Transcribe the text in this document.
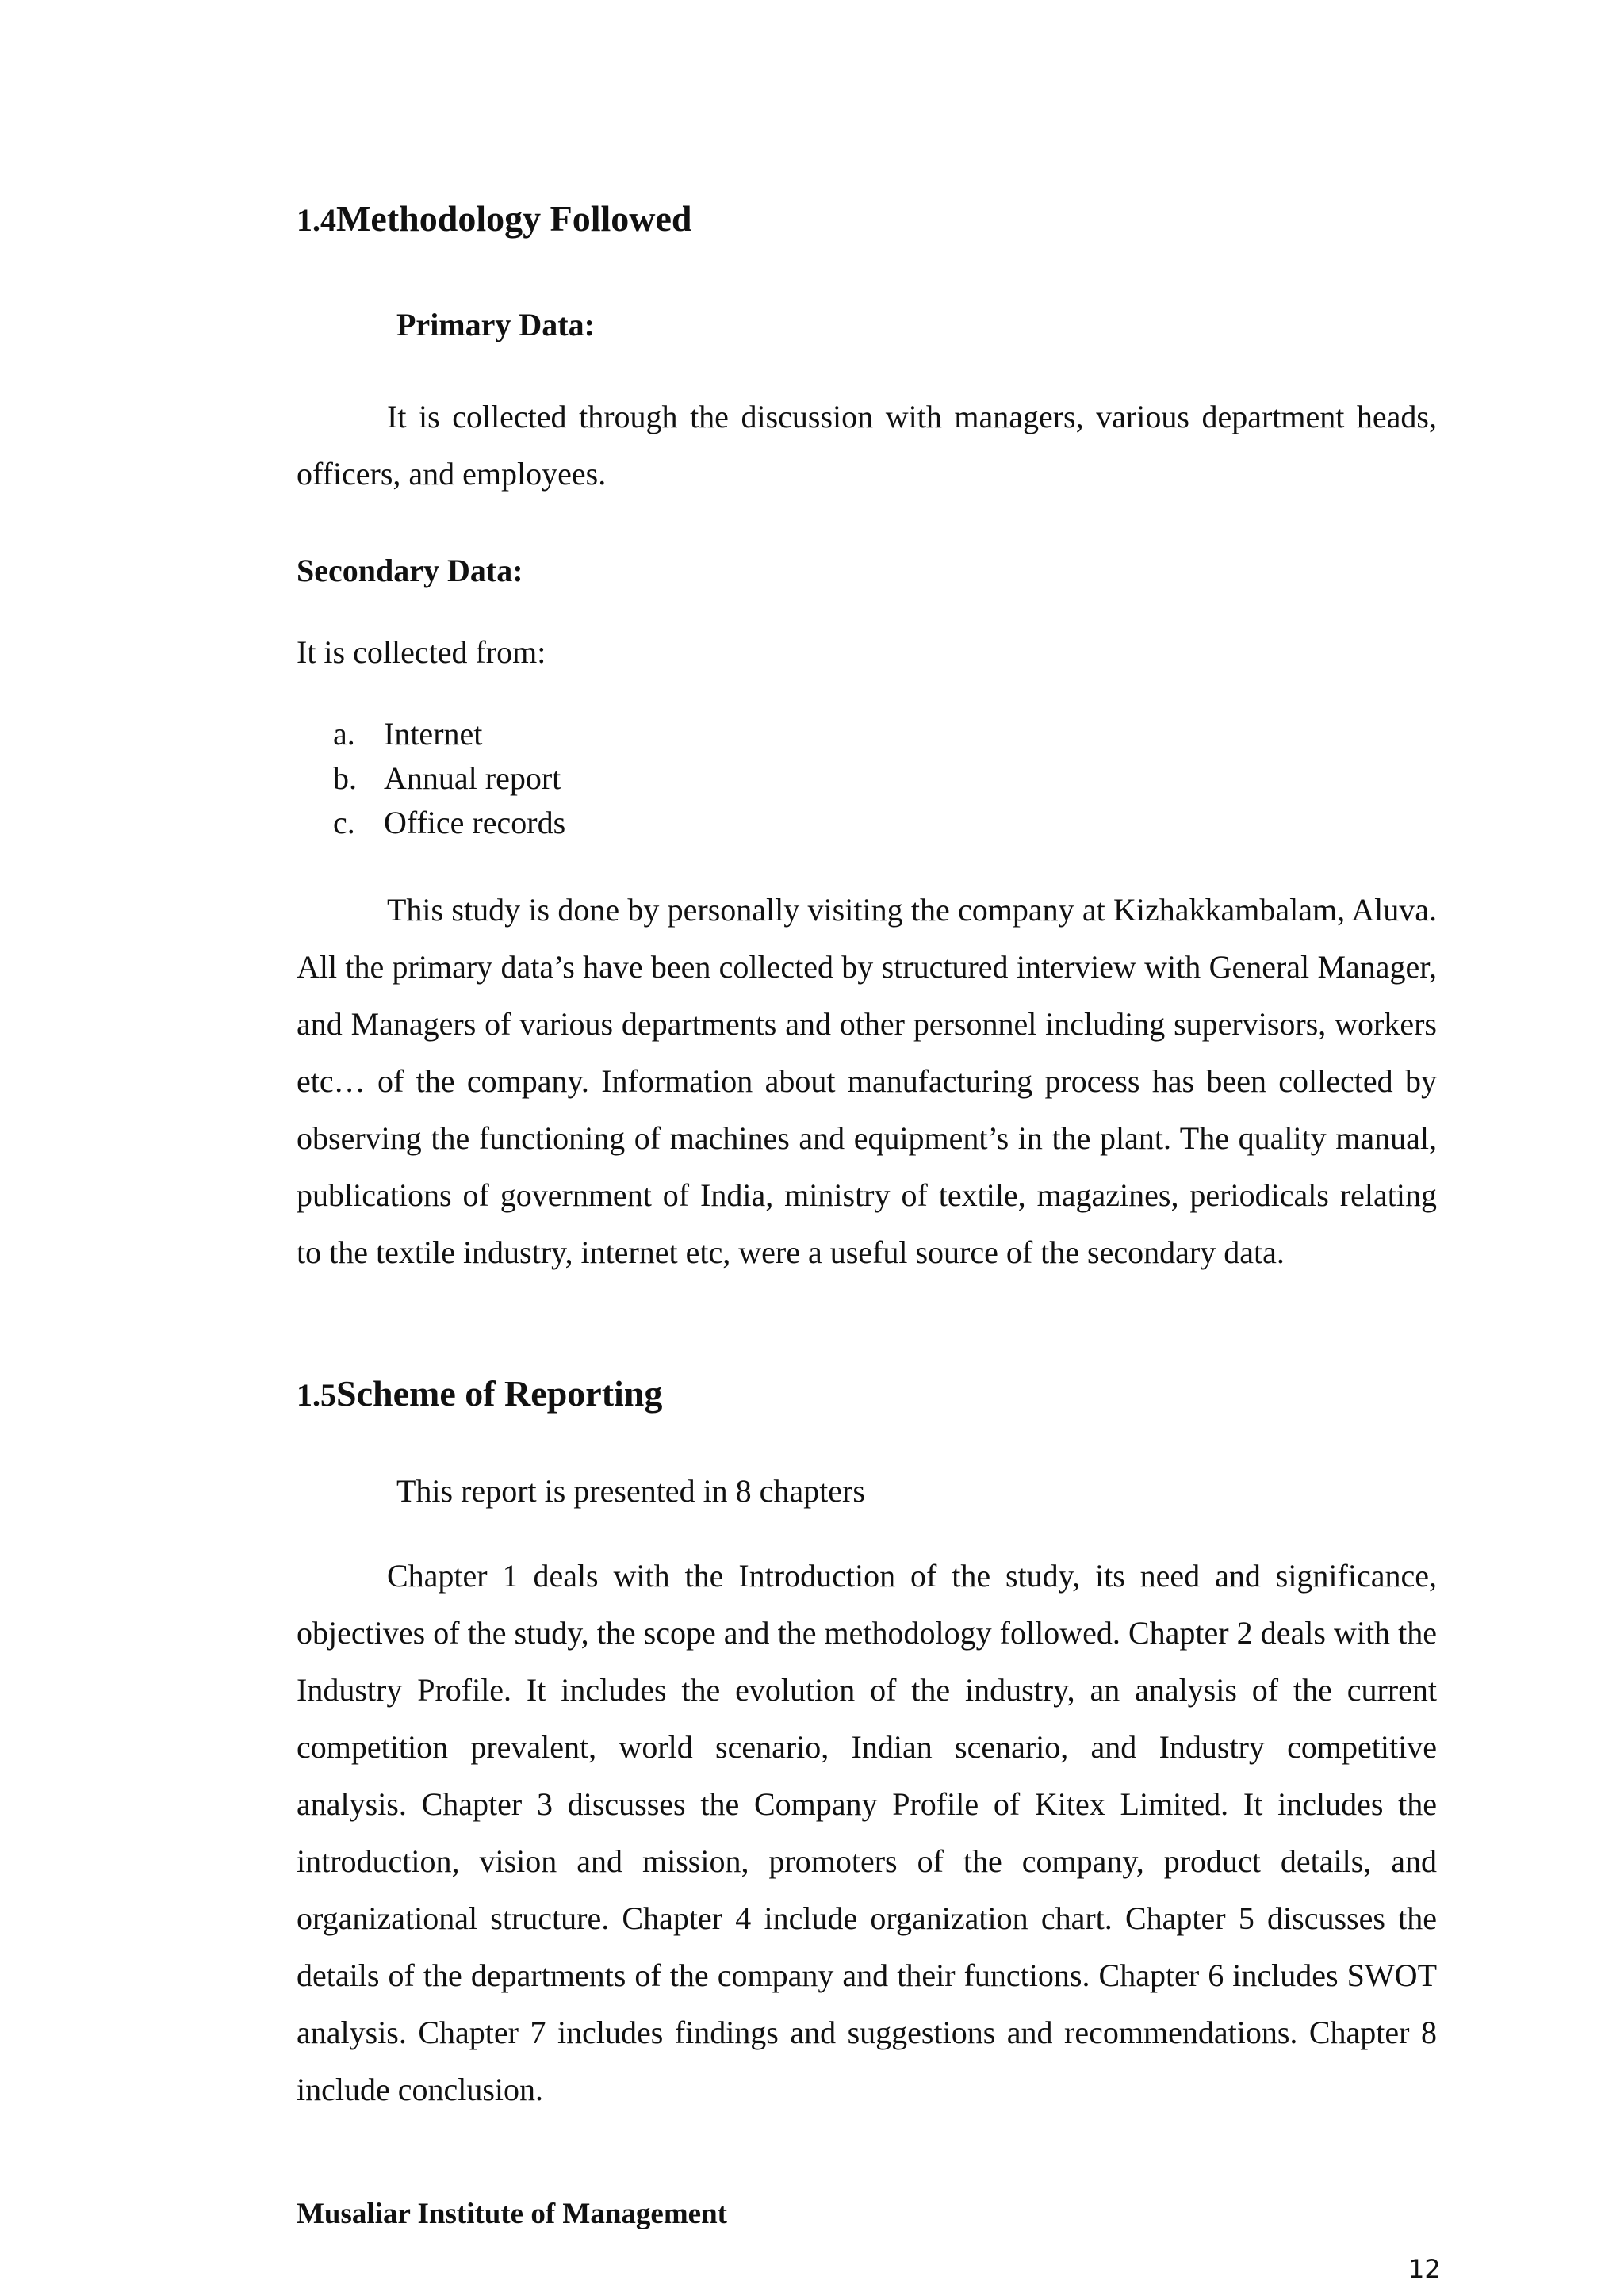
1.4Methodology Followed
Primary Data:

It is collected through the discussion with managers, various department heads, officers, and employees.

Secondary Data:
It is collected from:
a. Internet
b. Annual report
c. Office records

This study is done by personally visiting the company at Kizhakkambalam, Aluva. All the primary data’s have been collected by structured interview with General Manager, and Managers of various departments and other personnel including supervisors, workers etc… of the company. Information about manufacturing process has been collected by observing the functioning of machines and equipment’s in the plant. The quality manual, publications of government of India, ministry of textile, magazines, periodicals relating to the textile industry, internet etc, were a useful source of the secondary data.

1.5Scheme of Reporting
This report is presented in 8 chapters

Chapter 1 deals with the Introduction of the study, its need and significance, objectives of the study, the scope and the methodology followed. Chapter 2 deals with the Industry Profile. It includes the evolution of the industry, an analysis of the current competition prevalent, world scenario, Indian scenario, and Industry competitive analysis. Chapter 3 discusses the Company Profile of Kitex Limited. It includes the introduction, vision and mission, promoters of the company, product details, and organizational structure. Chapter 4 include organization chart. Chapter 5 discusses the details of the departments of the company and their functions. Chapter 6 includes SWOT analysis. Chapter 7 includes findings and suggestions and recommendations. Chapter 8 include conclusion.

Musaliar Institute of Management
12
